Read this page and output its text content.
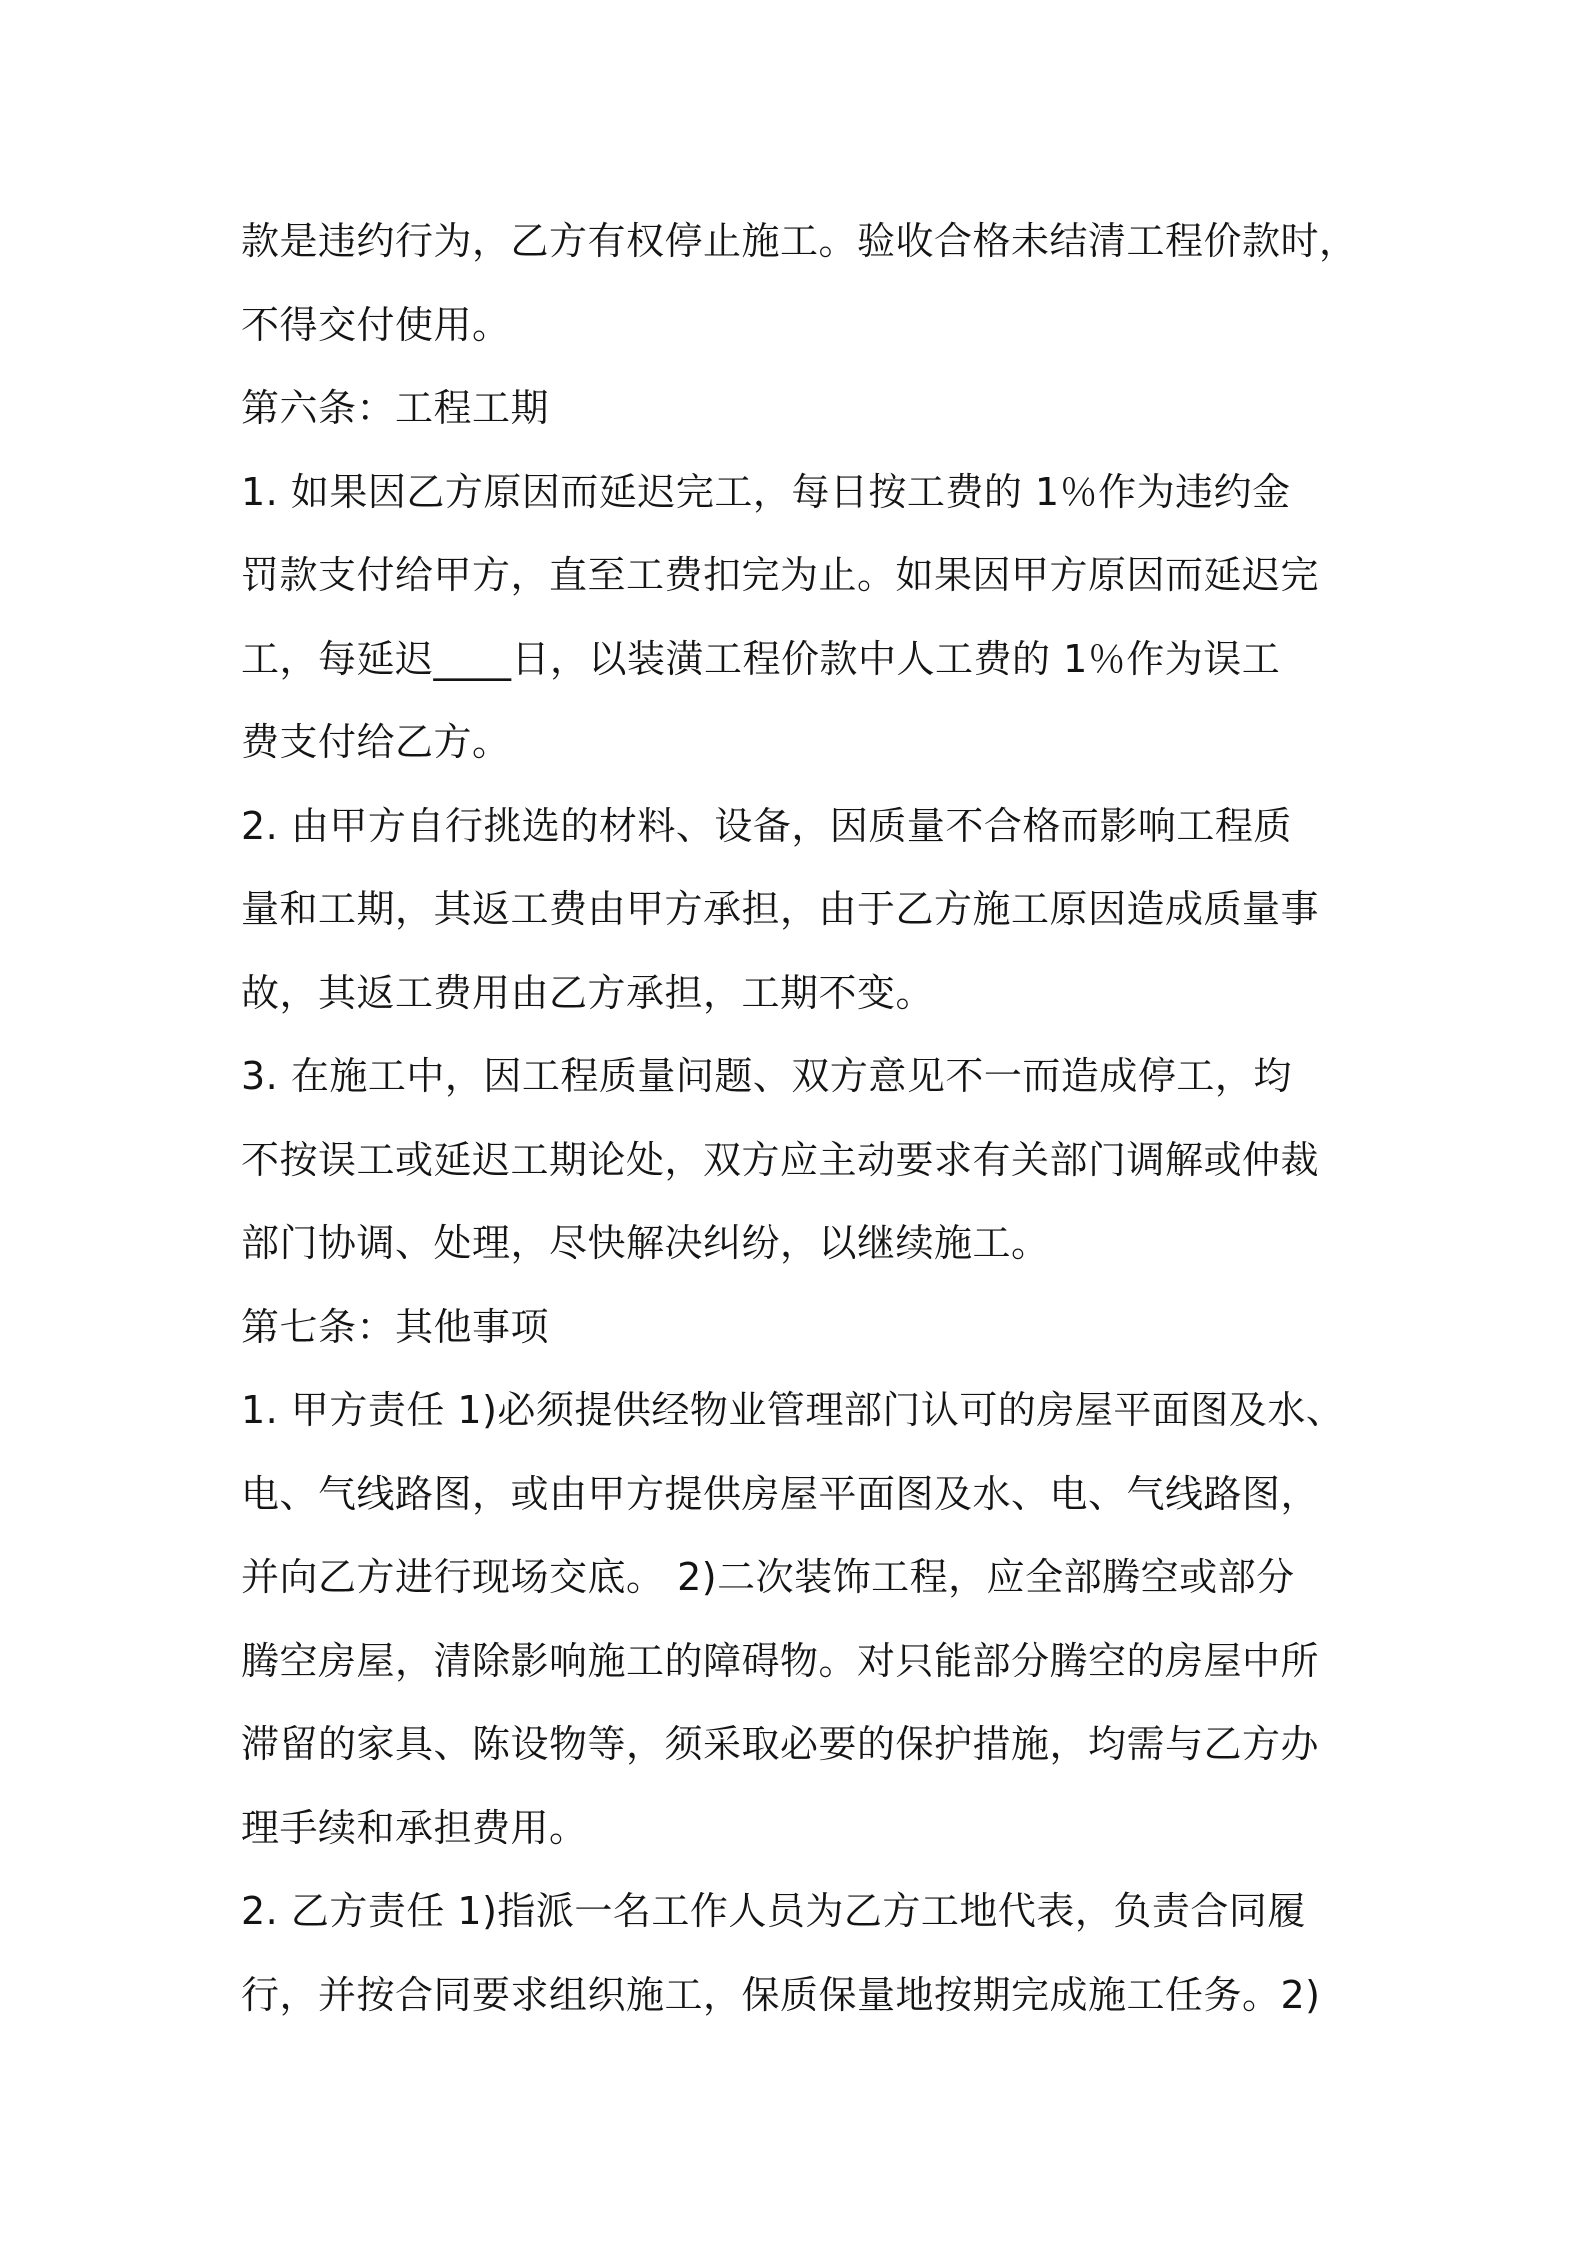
款是违约行为，乙方有权停止施工。验收合格未结清工程价款时，
不得交付使用。
第六条：工程工期
1. 如果因乙方原因而延迟完工，每日按工费的 1％作为违约金
罚款支付给甲方，直至工费扣完为止。如果因甲方原因而延迟完
工，每延迟____日，以装潢工程价款中人工费的 1％作为误工
费支付给乙方。
2. 由甲方自行挑选的材料、设备，因质量不合格而影响工程质
量和工期，其返工费由甲方承担，由于乙方施工原因造成质量事
故，其返工费用由乙方承担，工期不变。
3. 在施工中，因工程质量问题、双方意见不一而造成停工，均
不按误工或延迟工期论处，双方应主动要求有关部门调解或仲裁
部门协调、处理，尽快解决纠纷，以继续施工。
第七条：其他事项
1. 甲方责任 1)必须提供经物业管理部门认可的房屋平面图及水、
电、气线路图，或由甲方提供房屋平面图及水、电、气线路图，
并向乙方进行现场交底。 2)二次装饰工程，应全部腾空或部分
腾空房屋，清除影响施工的障碍物。对只能部分腾空的房屋中所
滞留的家具、陈设物等，须采取必要的保护措施，均需与乙方办
理手续和承担费用。
2. 乙方责任 1)指派一名工作人员为乙方工地代表，负责合同履
行，并按合同要求组织施工，保质保量地按期完成施工任务。2)
